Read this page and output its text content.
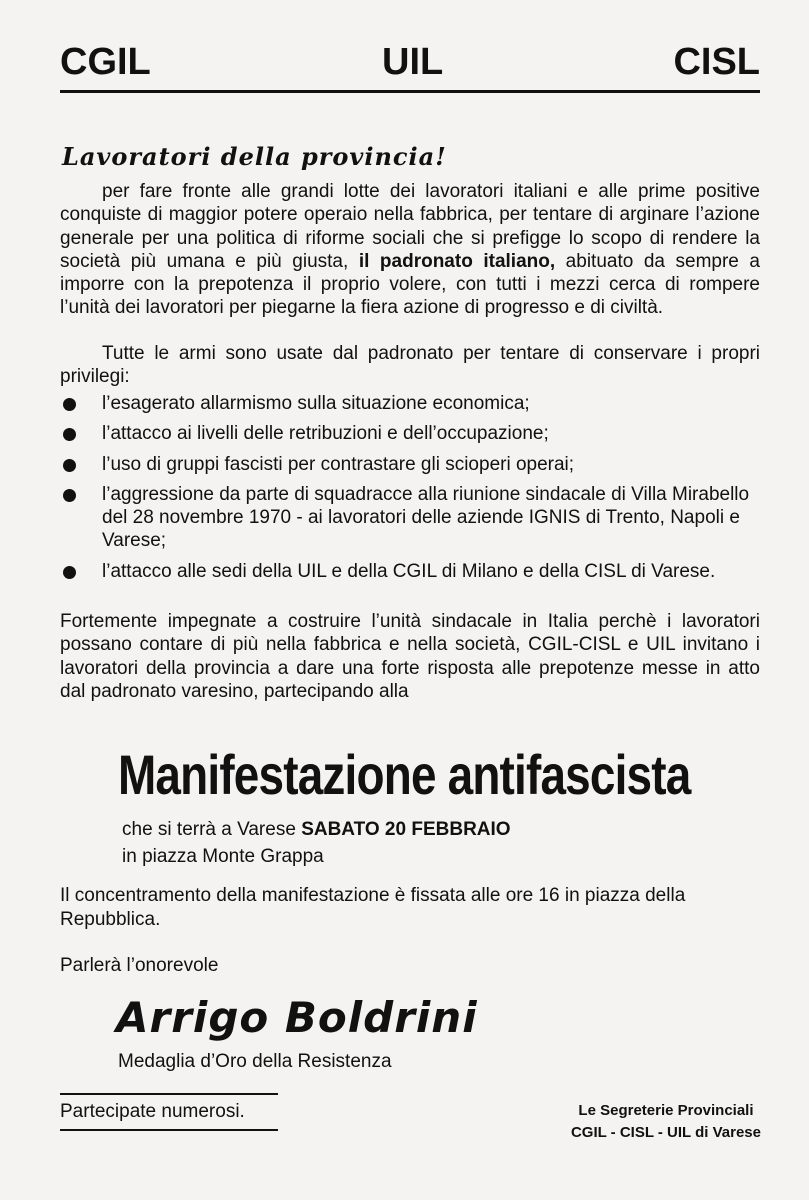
CGIL	UIL	CISL
Lavoratori della provincia!
per fare fronte alle grandi lotte dei lavoratori italiani e alle prime positive conquiste di maggior potere operaio nella fabbrica, per tentare di arginare l’azione generale per una politica di riforme sociali che si prefigge lo scopo di rendere la società più umana e più giusta, il padronato italiano, abituato da sempre a imporre con la prepotenza il proprio volere, con tutti i mezzi cerca di rompere l’unità dei lavoratori per piegarne la fiera azione di progresso e di civiltà.
Tutte le armi sono usate dal padronato per tentare di conservare i propri privilegi:
l’esagerato allarmismo sulla situazione economica;
l’attacco ai livelli delle retribuzioni e dell’occupazione;
l’uso di gruppi fascisti per contrastare gli scioperi operai;
l’aggressione da parte di squadracce alla riunione sindacale di Villa Mirabello del 28 novembre 1970 - ai lavoratori delle aziende IGNIS di Trento, Napoli e Varese;
l’attacco alle sedi della UIL e della CGIL di Milano e della CISL di Varese.
Fortemente impegnate a costruire l’unità sindacale in Italia perchè i lavoratori possano contare di più nella fabbrica e nella società, CGIL-CISL e UIL invitano i lavoratori della provincia a dare una forte risposta alle prepotenze messe in atto dal padronato varesino, partecipando alla
Manifestazione antifascista
che si terrà a Varese SABATO 20 FEBBRAIO
in piazza Monte Grappa
Il concentramento della manifestazione è fissata alle ore 16 in piazza della Repubblica.
Parlerà l’onorevole
Arrigo Boldrini
Medaglia d’Oro della Resistenza
Partecipate numerosi.	Le Segreterie Provinciali
CGIL - CISL - UIL di Varese
